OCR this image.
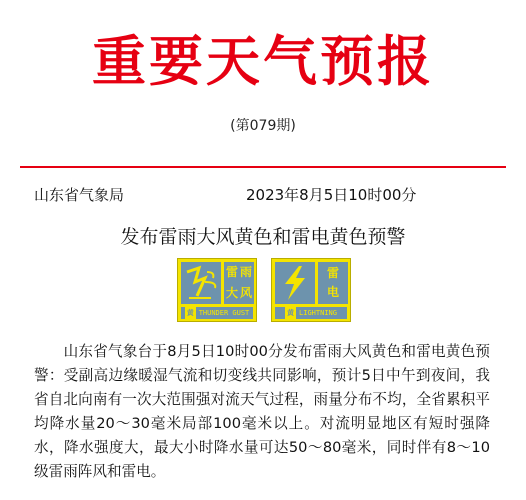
重要天气预报
(第079期)
山东省气象局	2023年8月5日10时00分
发布雷雨大风黄色和雷电黄色预警
雷 雨
大 风
黄 THUNDER GUST
雷
电
黄 LIGHTNING
　　山东省气象台于8月5日10时00分发布雷雨大风黄色和雷电黄色预警：受副高边缘暖湿气流和切变线共同影响，预计5日中午到夜间，我省自北向南有一次大范围强对流天气过程，雨量分布不均，全省累积平均降水量20～30毫米局部100毫米以上。对流明显地区有短时强降水，降水强度大，最大小时降水量可达50～80毫米，同时伴有8～10级雷雨阵风和雷电。
